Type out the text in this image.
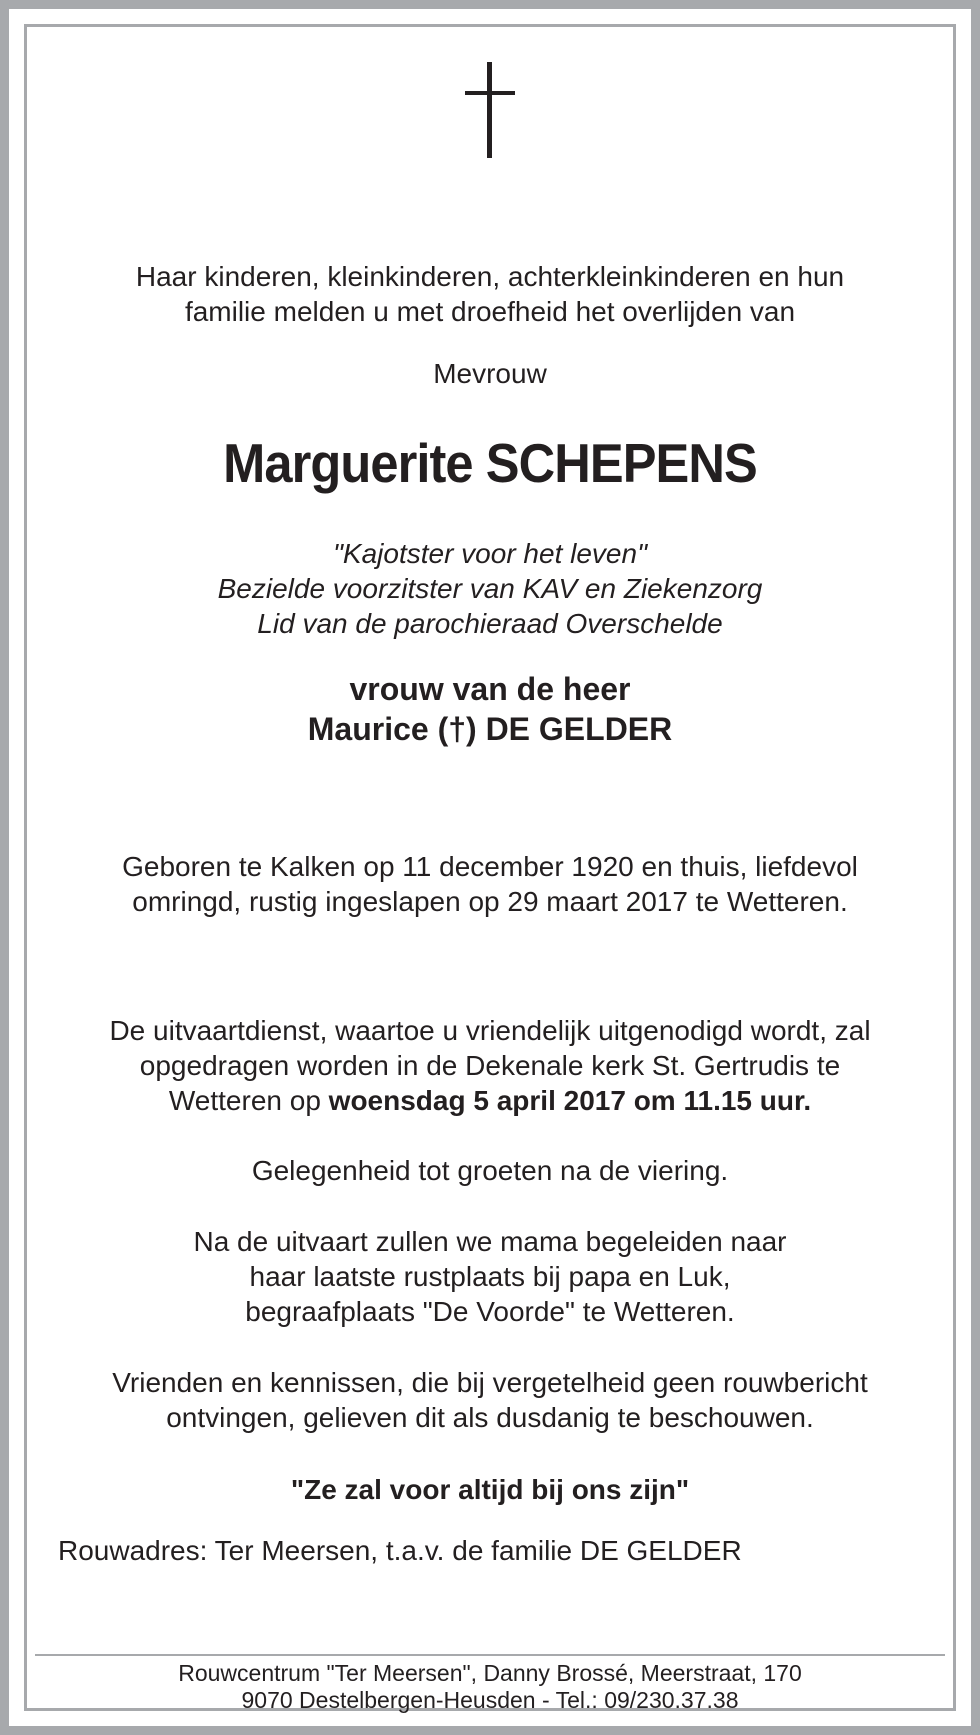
Haar kinderen, kleinkinderen, achterkleinkinderen en hun
familie melden u met droefheid het overlijden van
Mevrouw
Marguerite SCHEPENS
"Kajotster voor het leven"
Bezielde voorzitster van KAV en Ziekenzorg
Lid van de parochieraad Overschelde
vrouw van de heer
Maurice (†) DE GELDER
Geboren te Kalken op 11 december 1920 en thuis, liefdevol
omringd, rustig ingeslapen op 29 maart 2017 te Wetteren.
De uitvaartdienst, waartoe u vriendelijk uitgenodigd wordt, zal
opgedragen worden in de Dekenale kerk St. Gertrudis te
Wetteren op woensdag 5 april 2017 om 11.15 uur.
Gelegenheid tot groeten na de viering.
Na de uitvaart zullen we mama begeleiden naar
haar laatste rustplaats bij papa en Luk,
begraafplaats "De Voorde" te Wetteren.
Vrienden en kennissen, die bij vergetelheid geen rouwbericht
ontvingen, gelieven dit als dusdanig te beschouwen.
"Ze zal voor altijd bij ons zijn"
Rouwadres: Ter Meersen, t.a.v. de familie DE GELDER
Rouwcentrum "Ter Meersen", Danny Brossé, Meerstraat, 170
9070 Destelbergen-Heusden - Tel.: 09/230.37.38
